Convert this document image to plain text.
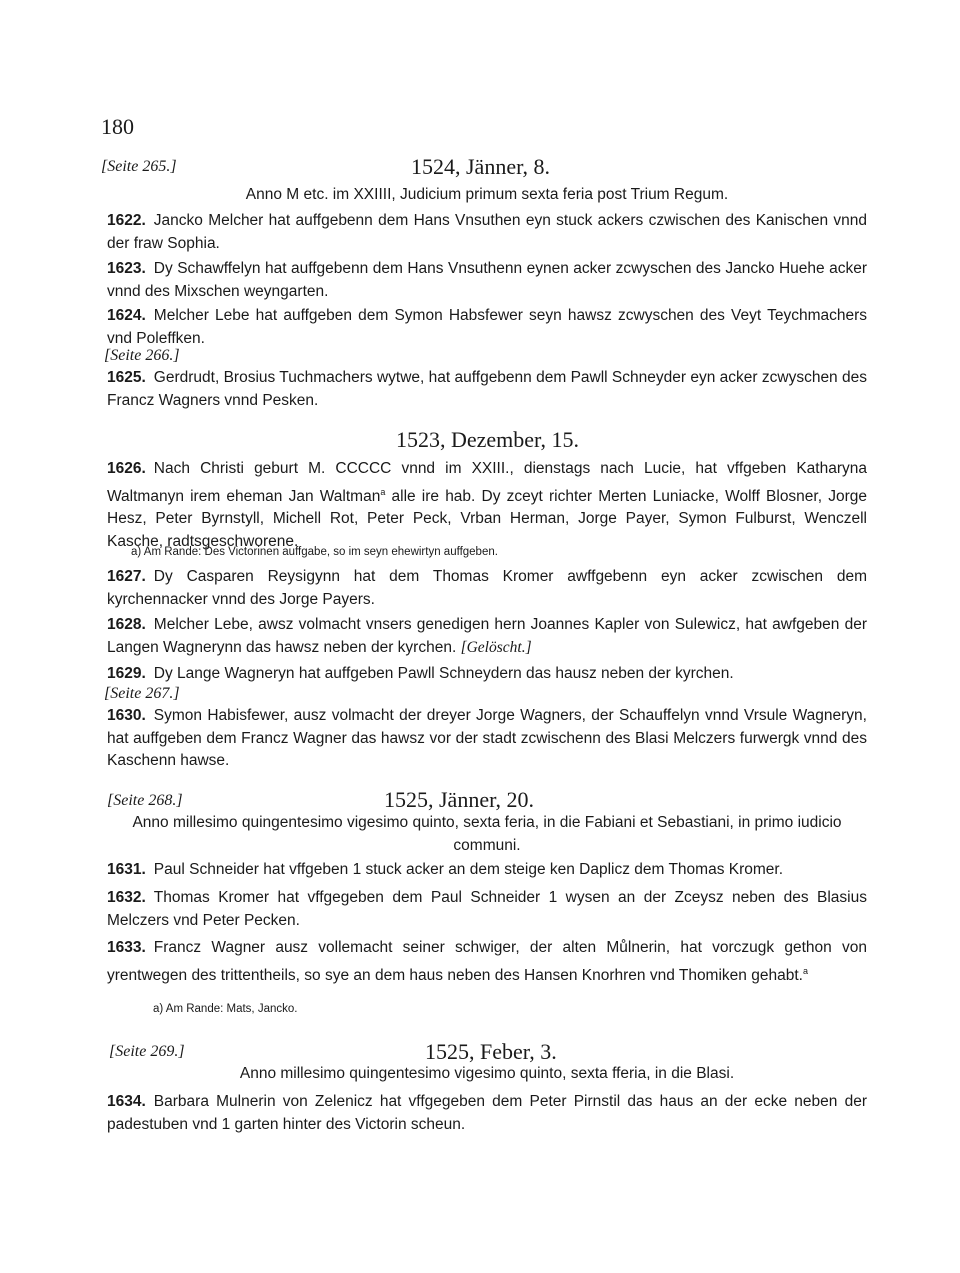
180
[Seite 265.]	1524, Jänner, 8.
Anno M etc. im XXIIII, Judicium primum sexta feria post Trium Regum.
1622. Jancko Melcher hat auffgebenn dem Hans Vnsuthen eyn stuck ackers czwischen des Kanischen vnnd der fraw Sophia.
1623. Dy Schawffelyn hat auffgebenn dem Hans Vnsuthenn eynen acker zcwyschen des Jancko Huehe acker vnnd des Mixschen weyngarten.
1624. Melcher Lebe hat auffgeben dem Symon Habsfewer seyn hawsz zcwyschen des Veyt Teychmachers vnd Poleffken.
[Seite 266.]
1625. Gerdrudt, Brosius Tuchmachers wytwe, hat auffgebenn dem Pawll Schneyder eyn acker zcwyschen des Francz Wagners vnnd Pesken.
1523, Dezember, 15.
1626. Nach Christi geburt M. CCCCC vnnd im XXIII., dienstags nach Lucie, hat vffgeben Katharyna Waltmanyn irem eheman Jan Waltman$^a$ alle ire hab. Dy zceyt richter Merten Luniacke, Wolff Blosner, Jorge Hesz, Peter Byrnstyll, Michell Rot, Peter Peck, Vrban Herman, Jorge Payer, Symon Fulburst, Wenczell Kasche, radtsgeschworene.
a) Am Rande: Des Victorinen auffgabe, so im seyn ehewirtyn auffgeben.
1627. Dy Casparen Reysigynn hat dem Thomas Kromer awffgebenn eyn acker zcwischen dem kyrchennacker vnnd des Jorge Payers.
1628. Melcher Lebe, awsz volmacht vnsers genedigen hern Joannes Kapler von Sulewicz, hat awfgeben der Langen Wagnerynn das hawsz neben der kyrchen. [Gelöscht.]
1629. Dy Lange Wagneryn hat auffgeben Pawll Schneydern das hausz neben der kyrchen.
[Seite 267.]
1630. Symon Habisfewer, ausz volmacht der dreyer Jorge Wagners, der Schauffelyn vnnd Vrsule Wagneryn, hat auffgeben dem Francz Wagner das hawsz vor der stadt zcwischenn des Blasi Melczers furwergk vnnd des Kaschenn hawse.
[Seite 268.]	1525, Jänner, 20.
Anno millesimo quingentesimo vigesimo quinto, sexta feria, in die Fabiani et Sebastiani, in primo iudicio communi.
1631. Paul Schneider hat vffgeben 1 stuck acker an dem steige ken Daplicz dem Thomas Kromer.
1632. Thomas Kromer hat vffgegeben dem Paul Schneider 1 wysen an der Zceysz neben des Blasius Melczers vnd Peter Pecken.
1633. Francz Wagner ausz vollemacht seiner schwiger, der alten Můlnerin, hat vorczugk gethon von yrentwegen des trittentheils, so sye an dem haus neben des Hansen Knorhren vnd Thomiken gehabt.$^a$
a) Am Rande: Mats, Jancko.
[Seite 269.]	1525, Feber, 3.
Anno millesimo quingentesimo vigesimo quinto, sexta fferia, in die Blasi.
1634. Barbara Mulnerin von Zelenicz hat vffgegeben dem Peter Pirnstil das haus an der ecke neben der padestuben vnd 1 garten hinter des Victorin scheun.
